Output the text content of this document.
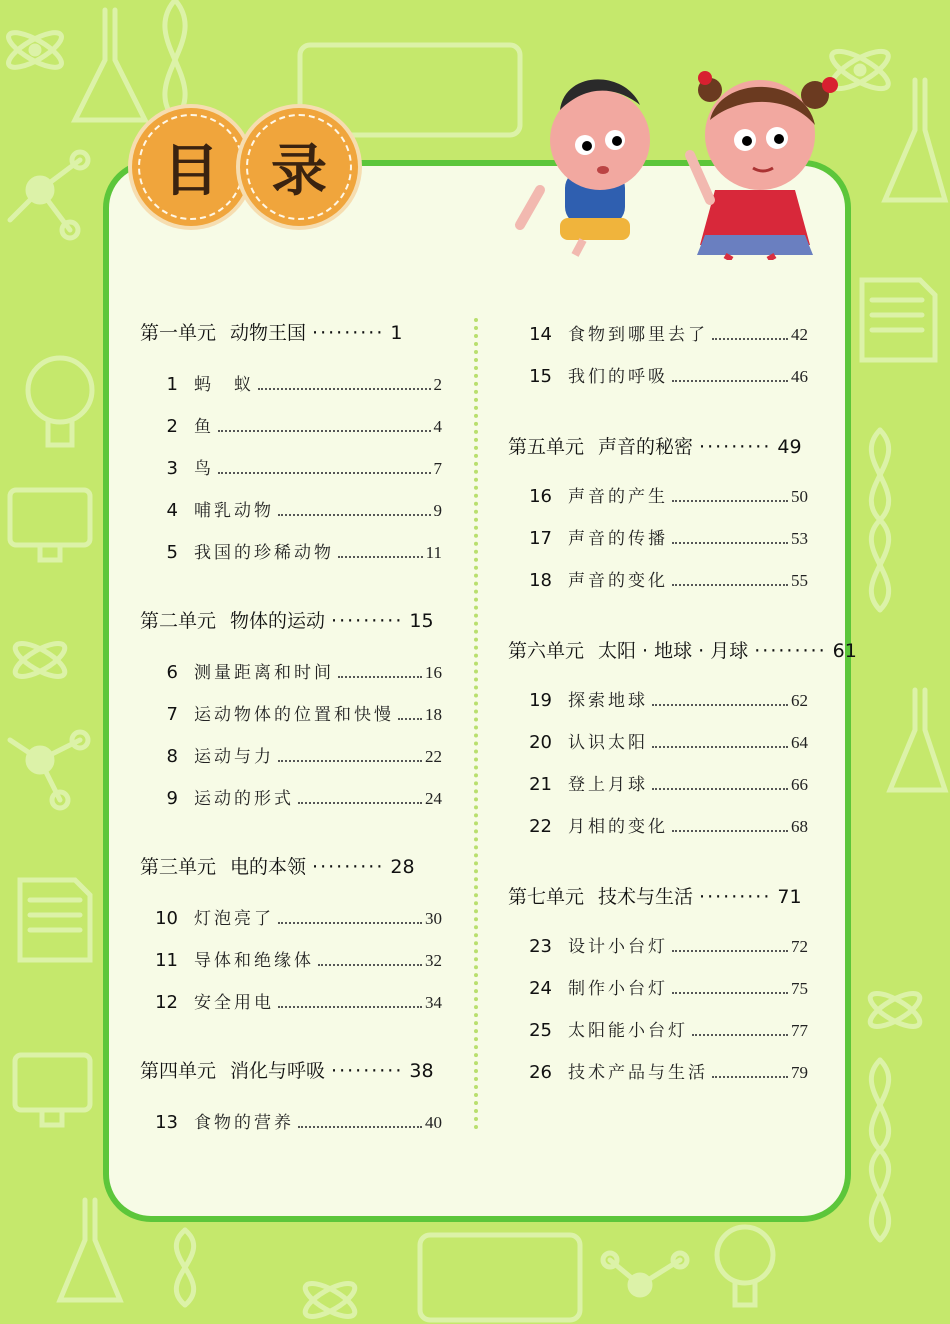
目 录
第一单元 动物王国 ········· 1
1 蚂　蚁	2
2 鱼	4
3 鸟	7
4 哺乳动物	9
5 我国的珍稀动物	11
第二单元 物体的运动 ········· 15
6 测量距离和时间	16
7 运动物体的位置和快慢 18
8 运动与力	22
9 运动的形式	24
第三单元 电的本领 ········· 28
10 灯泡亮了	30
11 导体和绝缘体	32
12 安全用电	34
第四单元 消化与呼吸 ········· 38
13 食物的营养	40
14 食物到哪里去了	42
15 我们的呼吸	46
第五单元 声音的秘密 ········· 49
16 声音的产生	50
17 声音的传播	53
18 声音的变化	55
第六单元 太阳 · 地球 · 月球 ········· 61
19 探索地球	62
20 认识太阳	64
21 登上月球	66
22 月相的变化	68
第七单元 技术与生活 ········· 71
23 设计小台灯	72
24 制作小台灯	75
25 太阳能小台灯	77
26 技术产品与生活	79
